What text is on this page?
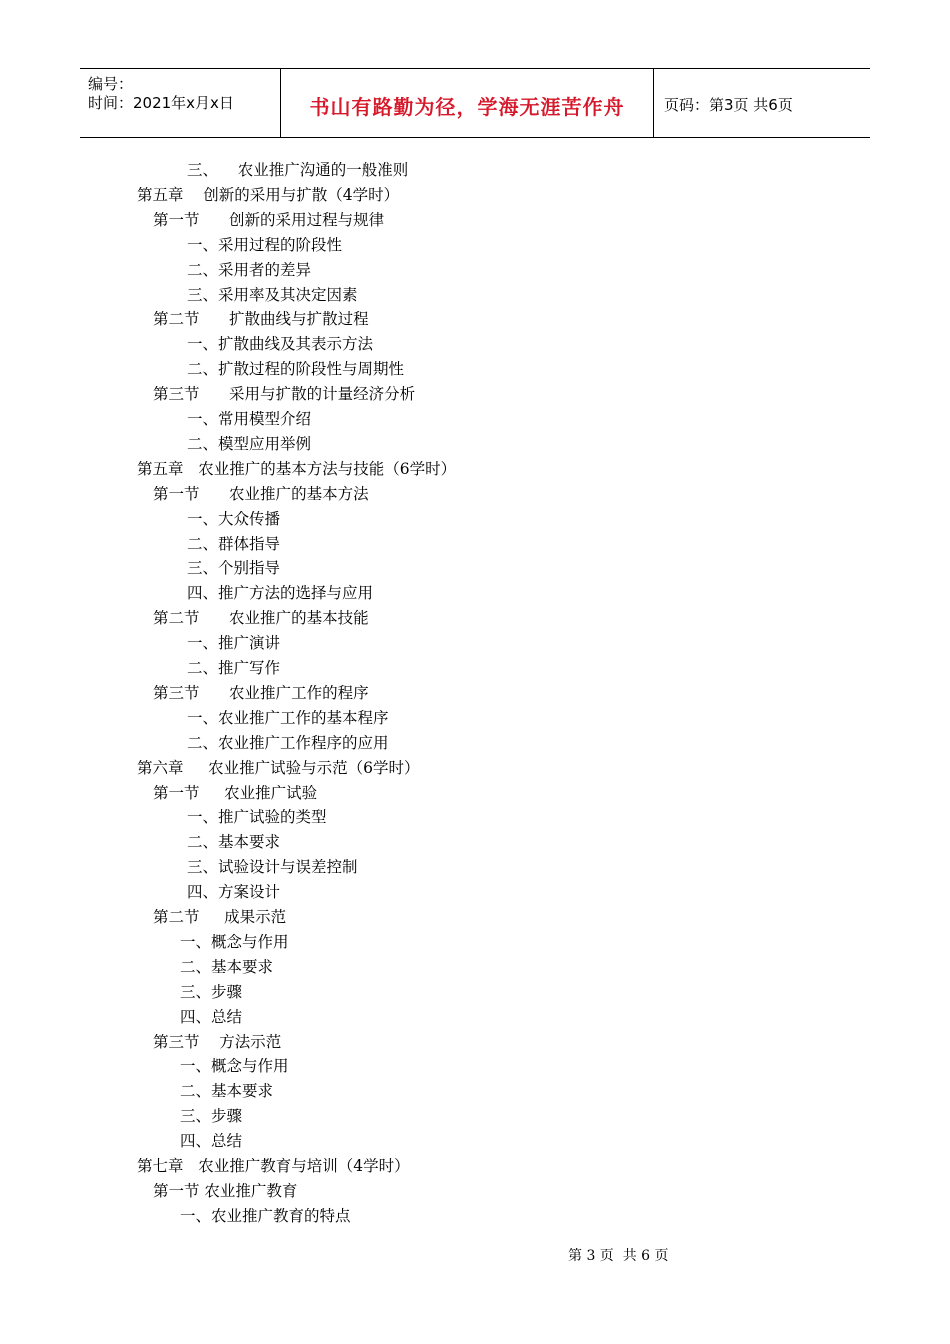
编号：
时间：2021年x月x日	书山有路勤为径，学海无涯苦作舟	页码：第3页 共6页
三、    农业推广沟通的一般准则
第五章    创新的采用与扩散（4学时）
第一节      创新的采用过程与规律
一、采用过程的阶段性
二、采用者的差异
三、采用率及其决定因素
第二节      扩散曲线与扩散过程
一、扩散曲线及其表示方法
二、扩散过程的阶段性与周期性
第三节      采用与扩散的计量经济分析
一、常用模型介绍
二、模型应用举例
第五章   农业推广的基本方法与技能（6学时）
第一节      农业推广的基本方法
一、大众传播
二、群体指导
三、个别指导
四、推广方法的选择与应用
第二节      农业推广的基本技能
一、推广演讲
二、推广写作
第三节      农业推广工作的程序
一、农业推广工作的基本程序
二、农业推广工作程序的应用
第六章     农业推广试验与示范（6学时）
第一节     农业推广试验
一、推广试验的类型
二、基本要求
三、试验设计与误差控制
四、方案设计
第二节     成果示范
一、概念与作用
二、基本要求
三、步骤
四、总结
第三节    方法示范
一、概念与作用
二、基本要求
三、步骤
四、总结
第七章   农业推广教育与培训（4学时）
第一节 农业推广教育
一、农业推广教育的特点
第 3 页  共 6 页
